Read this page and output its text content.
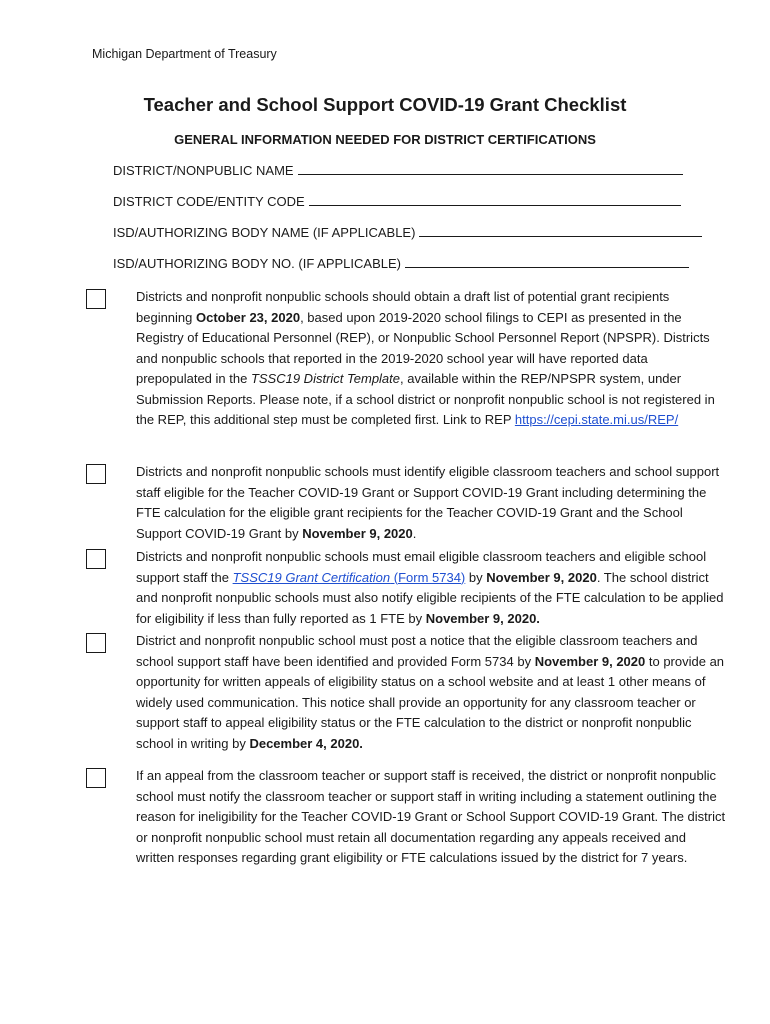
Michigan Department of Treasury
Teacher and School Support COVID-19 Grant Checklist
GENERAL INFORMATION NEEDED FOR DISTRICT CERTIFICATIONS
DISTRICT/NONPUBLIC NAME
DISTRICT CODE/ENTITY CODE
ISD/AUTHORIZING BODY NAME (IF APPLICABLE)
ISD/AUTHORIZING BODY NO. (IF APPLICABLE)

Districts and nonprofit nonpublic schools should obtain a draft list of potential grant recipients beginning October 23, 2020, based upon 2019-2020 school filings to CEPI as presented in the Registry of Educational Personnel (REP), or Nonpublic School Personnel Report (NPSPR). Districts and nonpublic schools that reported in the 2019-2020 school year will have reported data prepopulated in the TSSC19 District Template, available within the REP/NPSPR system, under Submission Reports. Please note, if a school district or nonprofit nonpublic school is not registered in the REP, this additional step must be completed first. Link to REP https://cepi.state.mi.us/REP/

Districts and nonprofit nonpublic schools must identify eligible classroom teachers and school support staff eligible for the Teacher COVID-19 Grant or Support COVID-19 Grant including determining the FTE calculation for the eligible grant recipients for the Teacher COVID-19 Grant and the School Support COVID-19 Grant by November 9, 2020.

Districts and nonprofit nonpublic schools must email eligible classroom teachers and eligible school support staff the TSSC19 Grant Certification (Form 5734) by November 9, 2020. The school district and nonprofit nonpublic schools must also notify eligible recipients of the FTE calculation to be applied for eligibility if less than fully reported as 1 FTE by November 9, 2020.

District and nonprofit nonpublic school must post a notice that the eligible classroom teachers and school support staff have been identified and provided Form 5734 by November 9, 2020 to provide an opportunity for written appeals of eligibility status on a school website and at least 1 other means of widely used communication. This notice shall provide an opportunity for any classroom teacher or support staff to appeal eligibility status or the FTE calculation to the district or nonprofit nonpublic school in writing by December 4, 2020.

If an appeal from the classroom teacher or support staff is received, the district or nonprofit nonpublic school must notify the classroom teacher or support staff in writing including a statement outlining the reason for ineligibility for the Teacher COVID-19 Grant or School Support COVID-19 Grant. The district or nonprofit nonpublic school must retain all documentation regarding any appeals received and written responses regarding grant eligibility or FTE calculations issued by the district for 7 years.
